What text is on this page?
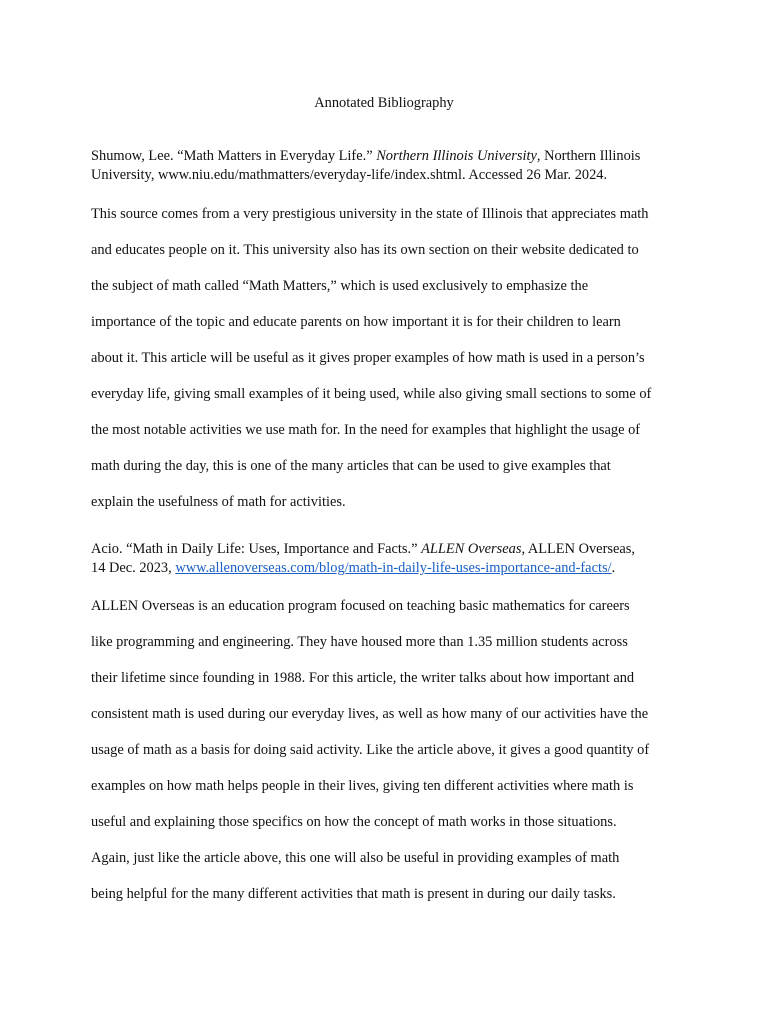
Annotated Bibliography

Shumow, Lee. “Math Matters in Everyday Life.” Northern Illinois University, Northern Illinois
University, www.niu.edu/mathmatters/everyday-life/index.shtml. Accessed 26 Mar. 2024.

This source comes from a very prestigious university in the state of Illinois that appreciates math
and educates people on it. This university also has its own section on their website dedicated to
the subject of math called “Math Matters,” which is used exclusively to emphasize the
importance of the topic and educate parents on how important it is for their children to learn
about it. This article will be useful as it gives proper examples of how math is used in a person’s
everyday life, giving small examples of it being used, while also giving small sections to some of
the most notable activities we use math for. In the need for examples that highlight the usage of
math during the day, this is one of the many articles that can be used to give examples that
explain the usefulness of math for activities.

Acio. “Math in Daily Life: Uses, Importance and Facts.” ALLEN Overseas, ALLEN Overseas,
14 Dec. 2023, www.allenoverseas.com/blog/math-in-daily-life-uses-importance-and-facts/.

ALLEN Overseas is an education program focused on teaching basic mathematics for careers
like programming and engineering. They have housed more than 1.35 million students across
their lifetime since founding in 1988. For this article, the writer talks about how important and
consistent math is used during our everyday lives, as well as how many of our activities have the
usage of math as a basis for doing said activity. Like the article above, it gives a good quantity of
examples on how math helps people in their lives, giving ten different activities where math is
useful and explaining those specifics on how the concept of math works in those situations.
Again, just like the article above, this one will also be useful in providing examples of math
being helpful for the many different activities that math is present in during our daily tasks.
